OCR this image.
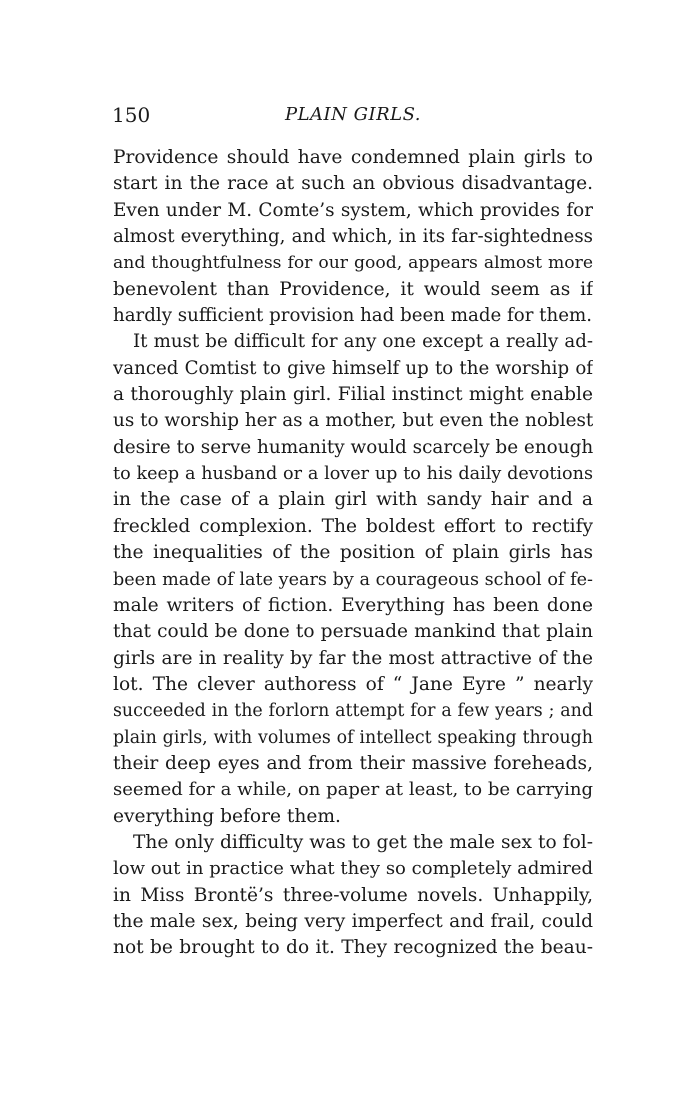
150	PLAIN GIRLS.
Providence should have condemned plain girls to
start in the race at such an obvious disadvantage.
Even under M. Comte’s system, which provides for
almost everything, and which, in its far-sightedness
and thoughtfulness for our good, appears almost more
benevolent than Providence, it would seem as if
hardly sufficient provision had been made for them.
It must be difficult for any one except a really ad-
vanced Comtist to give himself up to the worship of
a thoroughly plain girl. Filial instinct might enable
us to worship her as a mother, but even the noblest
desire to serve humanity would scarcely be enough
to keep a husband or a lover up to his daily devotions
in the case of a plain girl with sandy hair and a
freckled complexion. The boldest effort to rectify
the inequalities of the position of plain girls has
been made of late years by a courageous school of fe-
male writers of fiction. Everything has been done
that could be done to persuade mankind that plain
girls are in reality by far the most attractive of the
lot. The clever authoress of “ Jane Eyre ” nearly
succeeded in the forlorn attempt for a few years ; and
plain girls, with volumes of intellect speaking through
their deep eyes and from their massive foreheads,
seemed for a while, on paper at least, to be carrying
everything before them.
The only difficulty was to get the male sex to fol-
low out in practice what they so completely admired
in Miss Brontë’s three-volume novels. Unhappily,
the male sex, being very imperfect and frail, could
not be brought to do it. They recognized the beau-
